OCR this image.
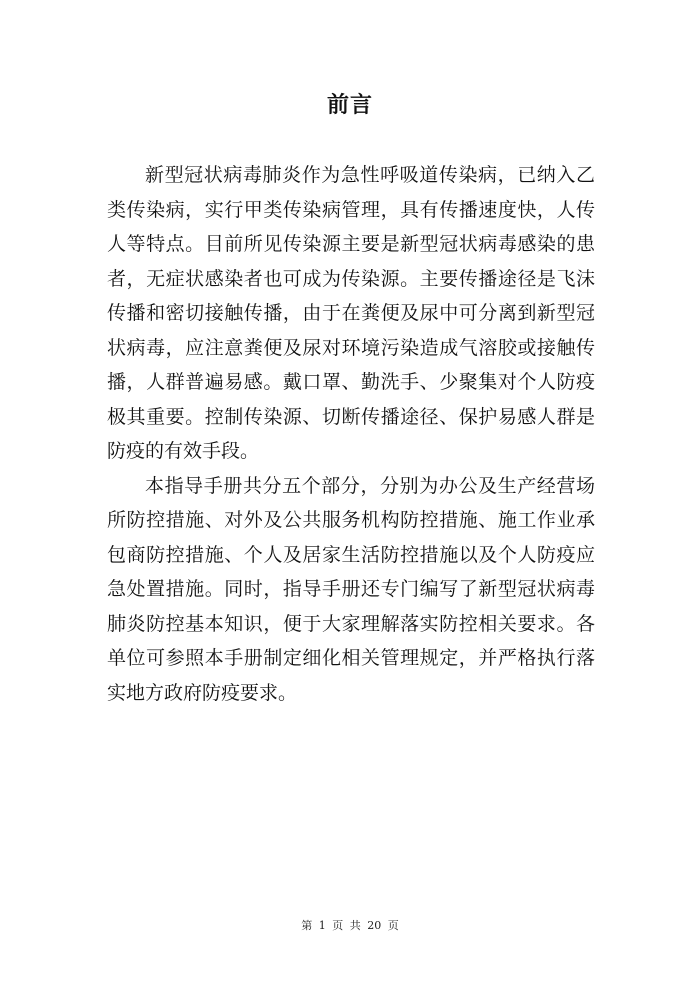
前言

新型冠状病毒肺炎作为急性呼吸道传染病，已纳入乙类传染病，实行甲类传染病管理，具有传播速度快，人传人等特点。目前所见传染源主要是新型冠状病毒感染的患者，无症状感染者也可成为传染源。主要传播途径是飞沫传播和密切接触传播，由于在粪便及尿中可分离到新型冠状病毒，应注意粪便及尿对环境污染造成气溶胶或接触传播，人群普遍易感。戴口罩、勤洗手、少聚集对个人防疫极其重要。控制传染源、切断传播途径、保护易感人群是防疫的有效手段。

本指导手册共分五个部分，分别为办公及生产经营场所防控措施、对外及公共服务机构防控措施、施工作业承包商防控措施、个人及居家生活防控措施以及个人防疫应急处置措施。同时，指导手册还专门编写了新型冠状病毒肺炎防控基本知识，便于大家理解落实防控相关要求。各单位可参照本手册制定细化相关管理规定，并严格执行落实地方政府防疫要求。

第 1 页 共 20 页
